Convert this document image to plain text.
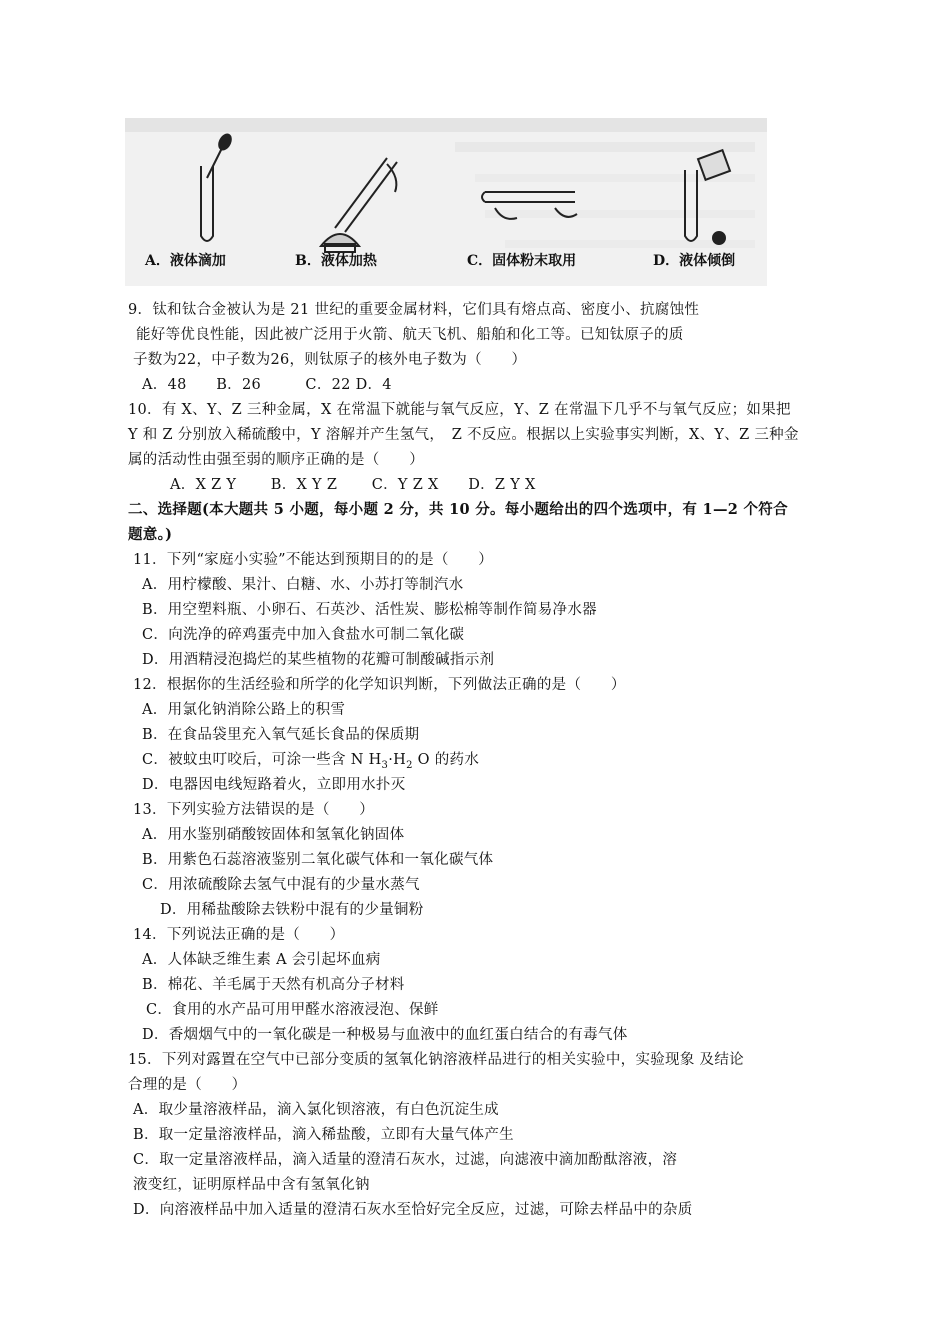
A．液体滴加	B．液体加热	C．固体粉末取用	D．液体倾倒
9．钛和钛合金被认为是 21 世纪的重要金属材料，它们具有熔点高、密度小、抗腐蚀性
能好等优良性能，因此被广泛用于火箭、航天飞机、船舶和化工等。已知钛原子的质
子数为22，中子数为26，则钛原子的核外电子数为（　　）
A．48　　B．26　　　C．22 D．4
10．有 X、Y、Z 三种金属，X 在常温下就能与氧气反应，Y、Z 在常温下几乎不与氧气反应；如果把
Y 和 Z 分别放入稀硫酸中，Y 溶解并产生氢气，　Z 不反应。根据以上实验事实判断，X、Y、Z 三种金
属的活动性由强至弱的顺序正确的是（　　）
A．X Z Y　　 B．X Y Z　　 C．Y Z X　　D．Z Y X
二、选择题(本大题共 5 小题，每小题 2 分，共 10 分。每小题给出的四个选项中，有 1—2 个符合
题意。)
11．下列“家庭小实验”不能达到预期目的的是（　　）
A．用柠檬酸、果汁、白糖、水、小苏打等制汽水
B．用空塑料瓶、小卵石、石英沙、活性炭、膨松棉等制作简易净水器
C．向洗净的碎鸡蛋壳中加入食盐水可制二氧化碳
D．用酒精浸泡捣烂的某些植物的花瓣可制酸碱指示剂
12．根据你的生活经验和所学的化学知识判断，下列做法正确的是（　　）
A．用氯化钠消除公路上的积雪
B．在食品袋里充入氧气延长食品的保质期
C．被蚊虫叮咬后，可涂一些含 N $H_3\cdot H_2$ O 的药水
D．电器因电线短路着火，立即用水扑灭
13．下列实验方法错误的是（　　）
A．用水鉴别硝酸铵固体和氢氧化钠固体
B．用紫色石蕊溶液鉴别二氧化碳气体和一氧化碳气体
C．用浓硫酸除去氢气中混有的少量水蒸气
D．用稀盐酸除去铁粉中混有的少量铜粉
14．下列说法正确的是（　　）
A．人体缺乏维生素 A 会引起坏血病
B．棉花、羊毛属于天然有机高分子材料
C．食用的水产品可用甲醛水溶液浸泡、保鲜
D．香烟烟气中的一氧化碳是一种极易与血液中的血红蛋白结合的有毒气体
15．下列对露置在空气中已部分变质的氢氧化钠溶液样品进行的相关实验中，实验现象 及结论
合理的是（　　）
A．取少量溶液样品，滴入氯化钡溶液，有白色沉淀生成
B．取一定量溶液样品，滴入稀盐酸，立即有大量气体产生
C．取一定量溶液样品，滴入适量的澄清石灰水，过滤，向滤液中滴加酚酞溶液，溶
液变红，证明原样品中含有氢氧化钠
D．向溶液样品中加入适量的澄清石灰水至恰好完全反应，过滤，可除去样品中的杂质
